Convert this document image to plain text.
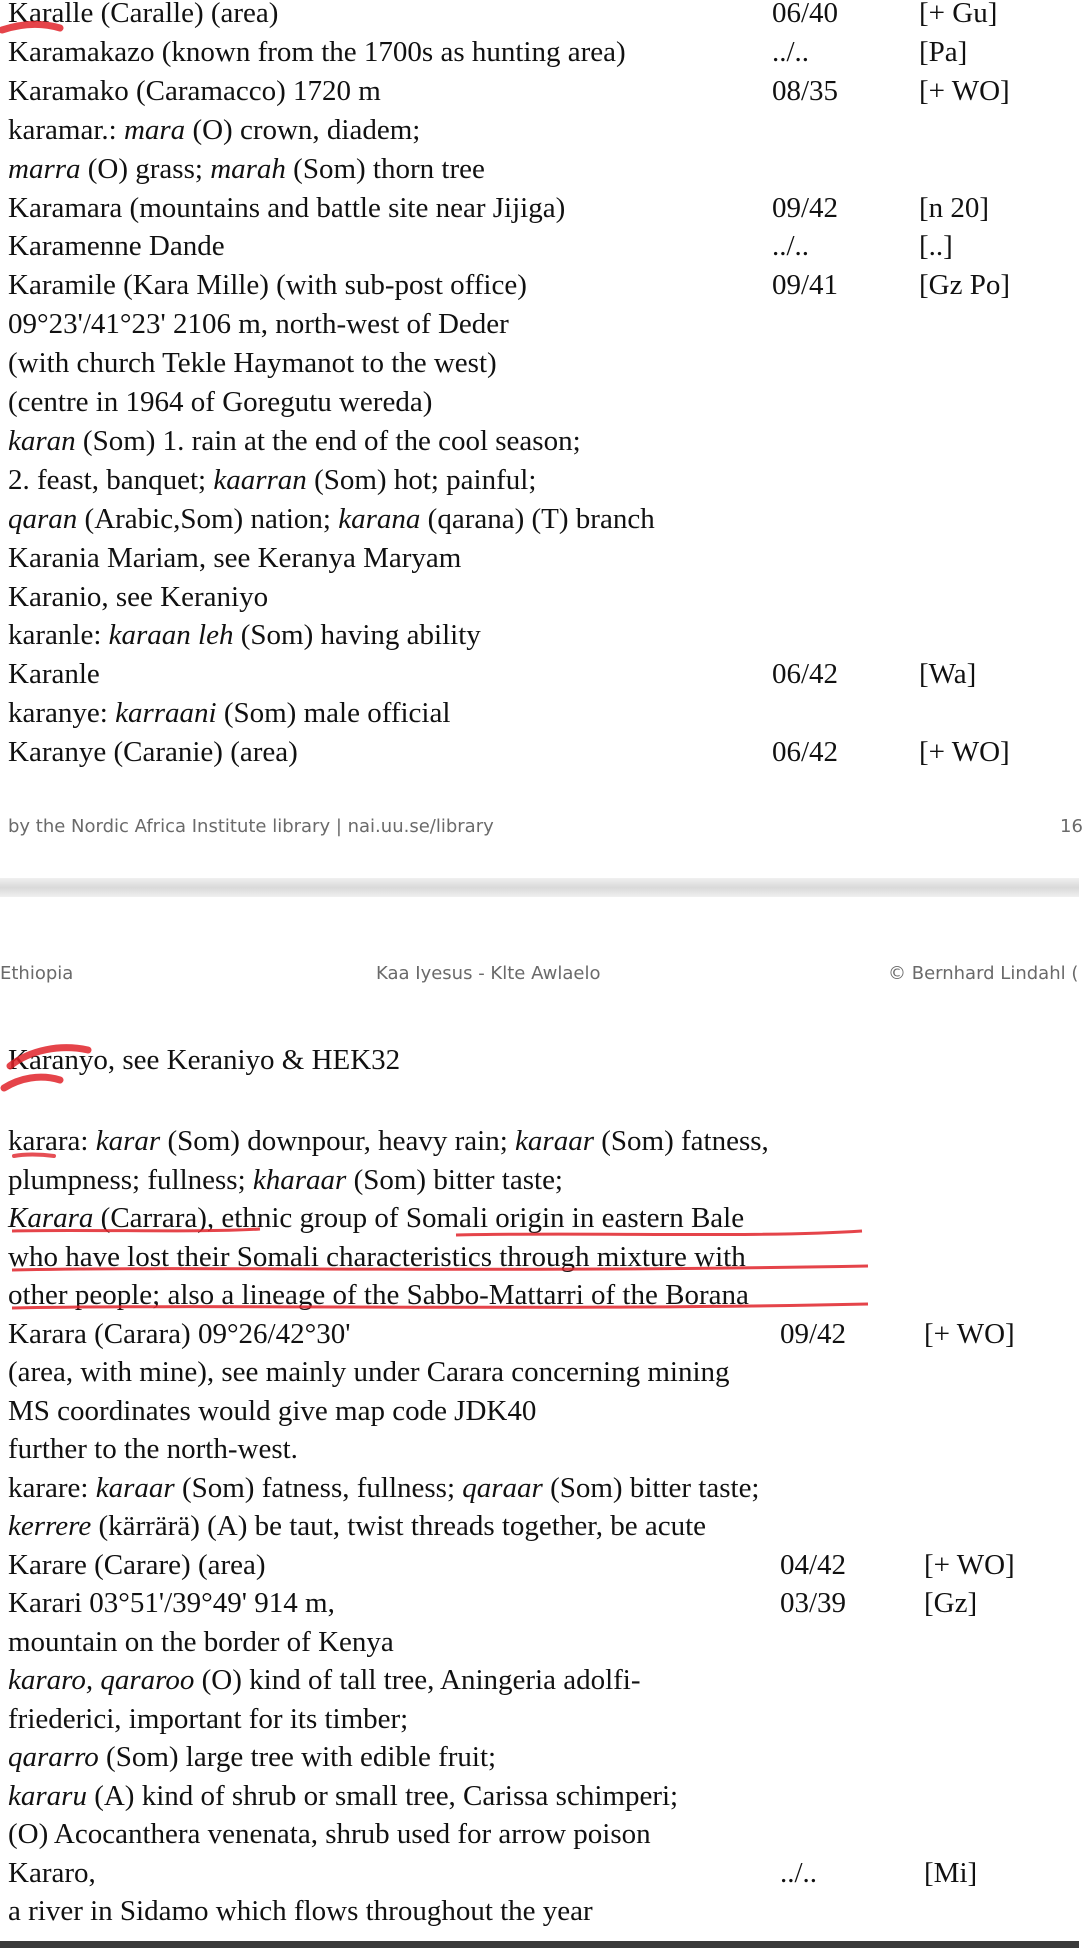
Karalle (Caralle) (area)	06/40	[+ Gu]
Karamakazo (known from the 1700s as hunting area)	../..	[Pa]
Karamako (Caramacco) 1720 m	08/35	[+ WO]
karamar.: mara (O) crown, diadem;
marra (O) grass; marah (Som) thorn tree
Karamara (mountains and battle site near Jijiga)	09/42	[n 20]
Karamenne Dande	../..	[..]
Karamile (Kara Mille) (with sub-post office)	09/41	[Gz Po]
09°23'/41°23' 2106 m, north-west of Deder
(with church Tekle Haymanot to the west)
(centre in 1964 of Goregutu wereda)
karan (Som) 1. rain at the end of the cool season;
2. feast, banquet; kaarran (Som) hot; painful;
qaran (Arabic,Som) nation; karana (qarana) (T) branch
Karania Mariam, see Keranya Maryam
Karanio, see Keraniyo
karanle: karaan leh (Som) having ability
Karanle	06/42	[Wa]
karanye: karraani (Som) male official
Karanye (Caranie) (area)	06/42	[+ WO]
by the Nordic Africa Institute library | nai.uu.se/library	16
Karanyo, see Keraniyo & HEK32
karara: karar (Som) downpour, heavy rain; karaar (Som) fatness,
plumpness; fullness; kharaar (Som) bitter taste;
Karara (Carrara), ethnic group of Somali origin in eastern Bale
who have lost their Somali characteristics through mixture with
other people; also a lineage of the Sabbo-Mattarri of the Borana
Karara (Carara) 09°26/42°30'	09/42	[+ WO]
(area, with mine), see mainly under Carara concerning mining
MS coordinates would give map code JDK40
further to the north-west.
karare: karaar (Som) fatness, fullness; qaraar (Som) bitter taste;
kerrere (kärrärä) (A) be taut, twist threads together, be acute
Karare (Carare) (area)	04/42	[+ WO]
Karari 03°51'/39°49' 914 m,	03/39	[Gz]
mountain on the border of Kenya
kararo, qararoo (O) kind of tall tree, Aningeria adolfi-
friederici, important for its timber;
qararro (Som) large tree with edible fruit;
kararu (A) kind of shrub or small tree, Carissa schimperi;
(O) Acocanthera venenata, shrub used for arrow poison
Kararo,	../..	[Mi]
a river in Sidamo which flows throughout the year
Ethiopia	Kaa Iyesus - Klte Awlaelo	© Bernhard Lindahl (
